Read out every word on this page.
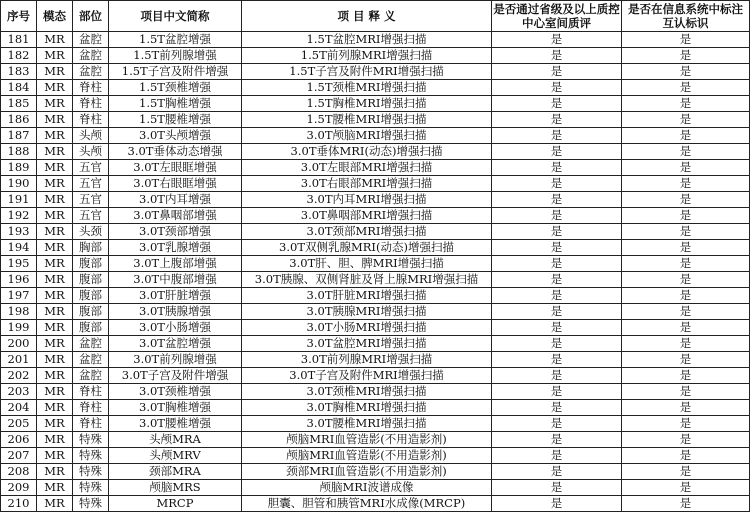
序号	模态	部位	项目中文简称	项 目 释 义	是否通过省级及以上质控中心室间质评	是否在信息系统中标注互认标识
181	MR	盆腔	1.5T盆腔增强	1.5T盆腔MRI增强扫描	是	是
182	MR	盆腔	1.5T前列腺增强	1.5T前列腺MRI增强扫描	是	是
183	MR	盆腔	1.5T子宫及附件增强	1.5T子宫及附件MRI增强扫描	是	是
184	MR	脊柱	1.5T颈椎增强	1.5T颈椎MRI增强扫描	是	是
185	MR	脊柱	1.5T胸椎增强	1.5T胸椎MRI增强扫描	是	是
186	MR	脊柱	1.5T腰椎增强	1.5T腰椎MRI增强扫描	是	是
187	MR	头颅	3.0T头颅增强	3.0T颅脑MRI增强扫描	是	是
188	MR	头颅	3.0T垂体动态增强	3.0T垂体MRI(动态)增强扫描	是	是
189	MR	五官	3.0T左眼眶增强	3.0T左眼部MRI增强扫描	是	是
190	MR	五官	3.0T右眼眶增强	3.0T右眼部MRI增强扫描	是	是
191	MR	五官	3.0T内耳增强	3.0T内耳MRI增强扫描	是	是
192	MR	五官	3.0T鼻咽部增强	3.0T鼻咽部MRI增强扫描	是	是
193	MR	头颈	3.0T颈部增强	3.0T颈部MRI增强扫描	是	是
194	MR	胸部	3.0T乳腺增强	3.0T双侧乳腺MRI(动态)增强扫描	是	是
195	MR	腹部	3.0T上腹部增强	3.0T肝、胆、脾MRI增强扫描	是	是
196	MR	腹部	3.0T中腹部增强	3.0T胰腺、双侧肾脏及肾上腺MRI增强扫描	是	是
197	MR	腹部	3.0T肝脏增强	3.0T肝脏MRI增强扫描	是	是
198	MR	腹部	3.0T胰腺增强	3.0T胰腺MRI增强扫描	是	是
199	MR	腹部	3.0T小肠增强	3.0T小肠MRI增强扫描	是	是
200	MR	盆腔	3.0T盆腔增强	3.0T盆腔MRI增强扫描	是	是
201	MR	盆腔	3.0T前列腺增强	3.0T前列腺MRI增强扫描	是	是
202	MR	盆腔	3.0T子宫及附件增强	3.0T子宫及附件MRI增强扫描	是	是
203	MR	脊柱	3.0T颈椎增强	3.0T颈椎MRI增强扫描	是	是
204	MR	脊柱	3.0T胸椎增强	3.0T胸椎MRI增强扫描	是	是
205	MR	脊柱	3.0T腰椎增强	3.0T腰椎MRI增强扫描	是	是
206	MR	特殊	头颅MRA	颅脑MRI血管造影(不用造影剂)	是	是
207	MR	特殊	头颅MRV	颅脑MRI血管造影(不用造影剂)	是	是
208	MR	特殊	颈部MRA	颈部MRI血管造影(不用造影剂)	是	是
209	MR	特殊	颅脑MRS	颅脑MRI波谱成像	是	是
210	MR	特殊	MRCP	胆囊、胆管和胰管MRI水成像(MRCP)	是	是
